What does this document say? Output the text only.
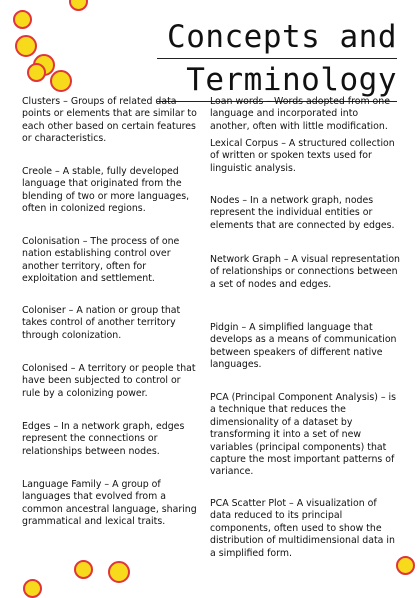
Concepts and
Terminology

Clusters – Groups of related data points or elements that are similar to each other based on certain features or characteristics.

Creole – A stable, fully developed language that originated from the blending of two or more languages, often in colonized regions.

Colonisation – The process of one nation establishing control over another territory, often for exploitation and settlement.

Coloniser – A nation or group that takes control of another territory through colonization.

Colonised – A territory or people that have been subjected to control or rule by a colonizing power.

Edges – In a network graph, edges represent the connections or relationships between nodes.

Language Family – A group of languages that evolved from a common ancestral language, sharing grammatical and lexical traits.

Loan words – Words adopted from one language and incorporated into another, often with little modification.

Lexical Corpus – A structured collection of written or spoken texts used for linguistic analysis.

Nodes – In a network graph, nodes represent the individual entities or elements that are connected by edges.

Network Graph – A visual representation of relationships or connections between a set of nodes and edges.

Pidgin – A simplified language that develops as a means of communication between speakers of different native languages.

PCA (Principal Component Analysis) – is a technique that reduces the dimensionality of a dataset by transforming it into a set of new variables (principal components) that capture the most important patterns of variance.

PCA Scatter Plot – A visualization of data reduced to its principal components, often used to show the distribution of multidimensional data in a simplified form.
